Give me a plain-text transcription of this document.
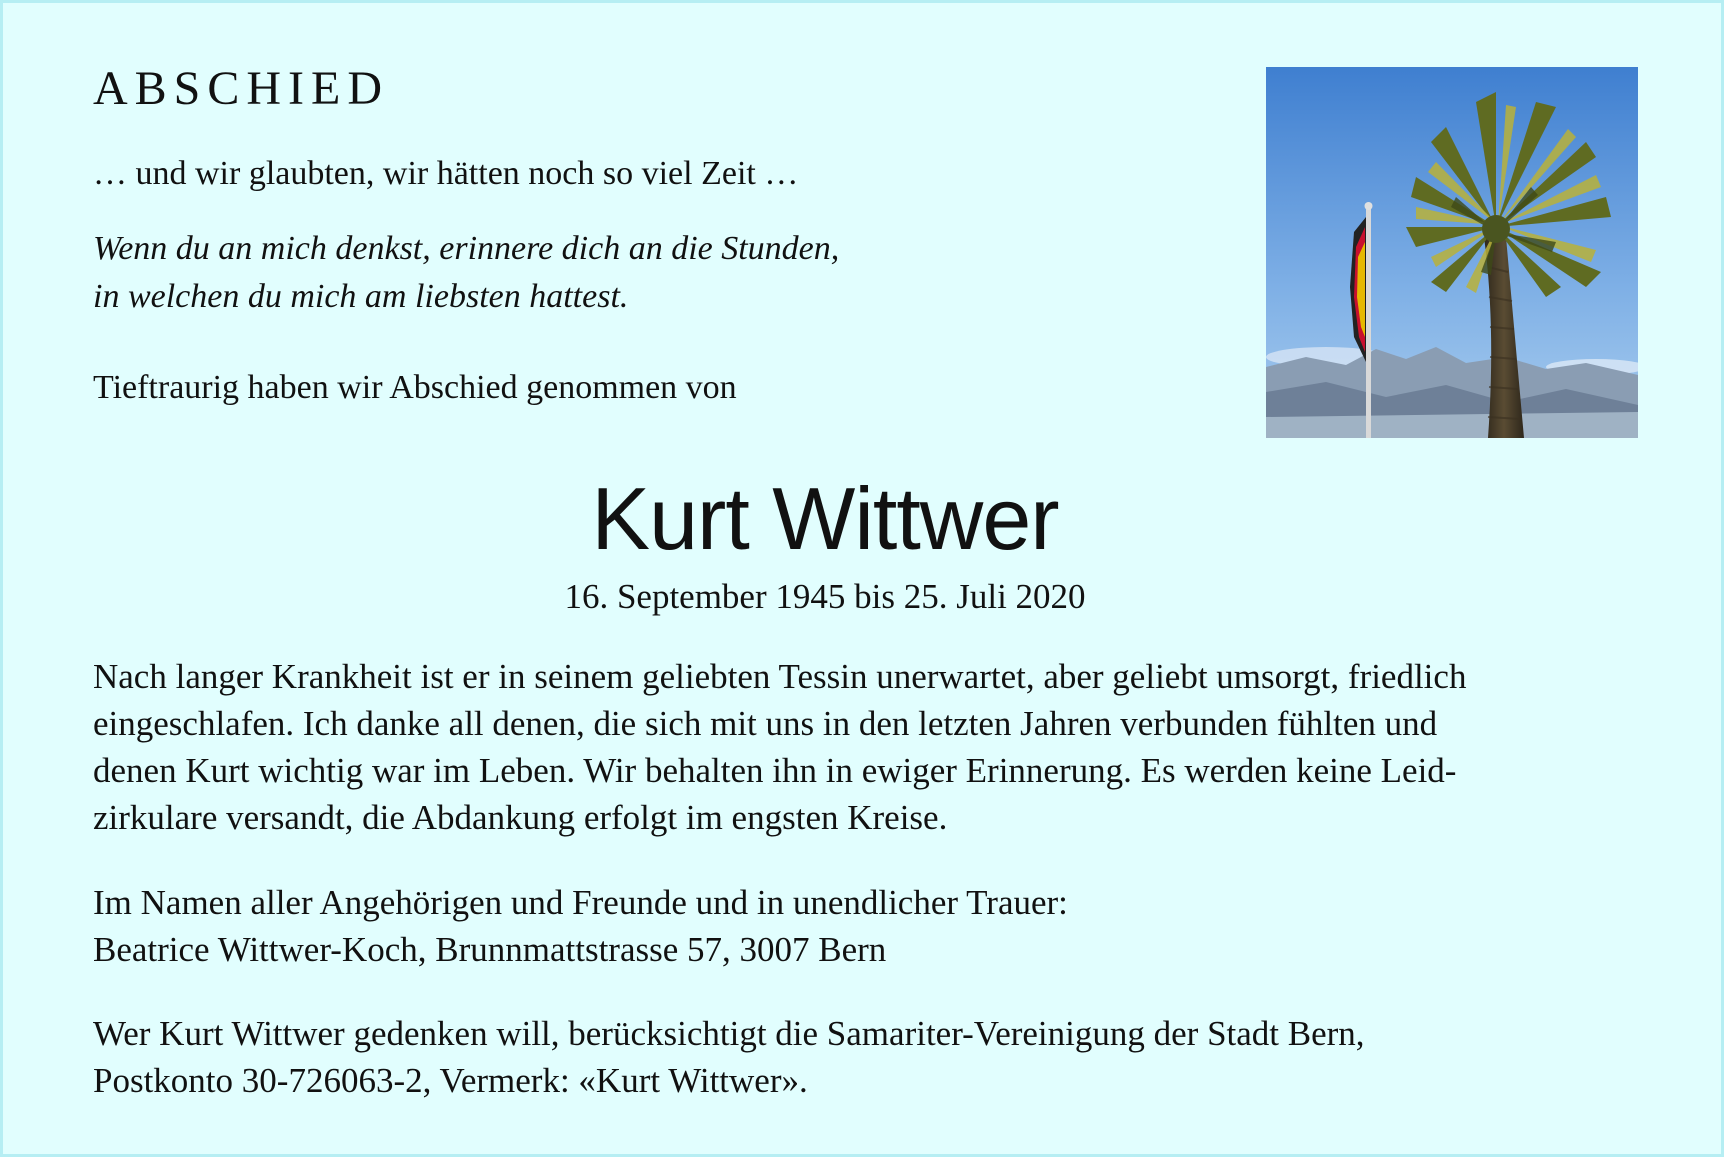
ABSCHIED

… und wir glaubten, wir hätten noch so viel Zeit …

Wenn du an mich denkst, erinnere dich an die Stunden,
in welchen du mich am liebsten hattest.

Tieftraurig haben wir Abschied genommen von

Kurt Wittwer

16. September 1945 bis 25. Juli 2020

Nach langer Krankheit ist er in seinem geliebten Tessin unerwartet, aber geliebt umsorgt, friedlich
eingeschlafen. Ich danke all denen, die sich mit uns in den letzten Jahren verbunden fühlten und
denen Kurt wichtig war im Leben. Wir behalten ihn in ewiger Erinnerung. Es werden keine Leid-
zirkulare versandt, die Abdankung erfolgt im engsten Kreise.

Im Namen aller Angehörigen und Freunde und in unendlicher Trauer:
Beatrice Wittwer-Koch, Brunnmattstrasse 57, 3007 Bern

Wer Kurt Wittwer gedenken will, berücksichtigt die Samariter-Vereinigung der Stadt Bern,
Postkonto 30-726063-2, Vermerk: «Kurt Wittwer».
